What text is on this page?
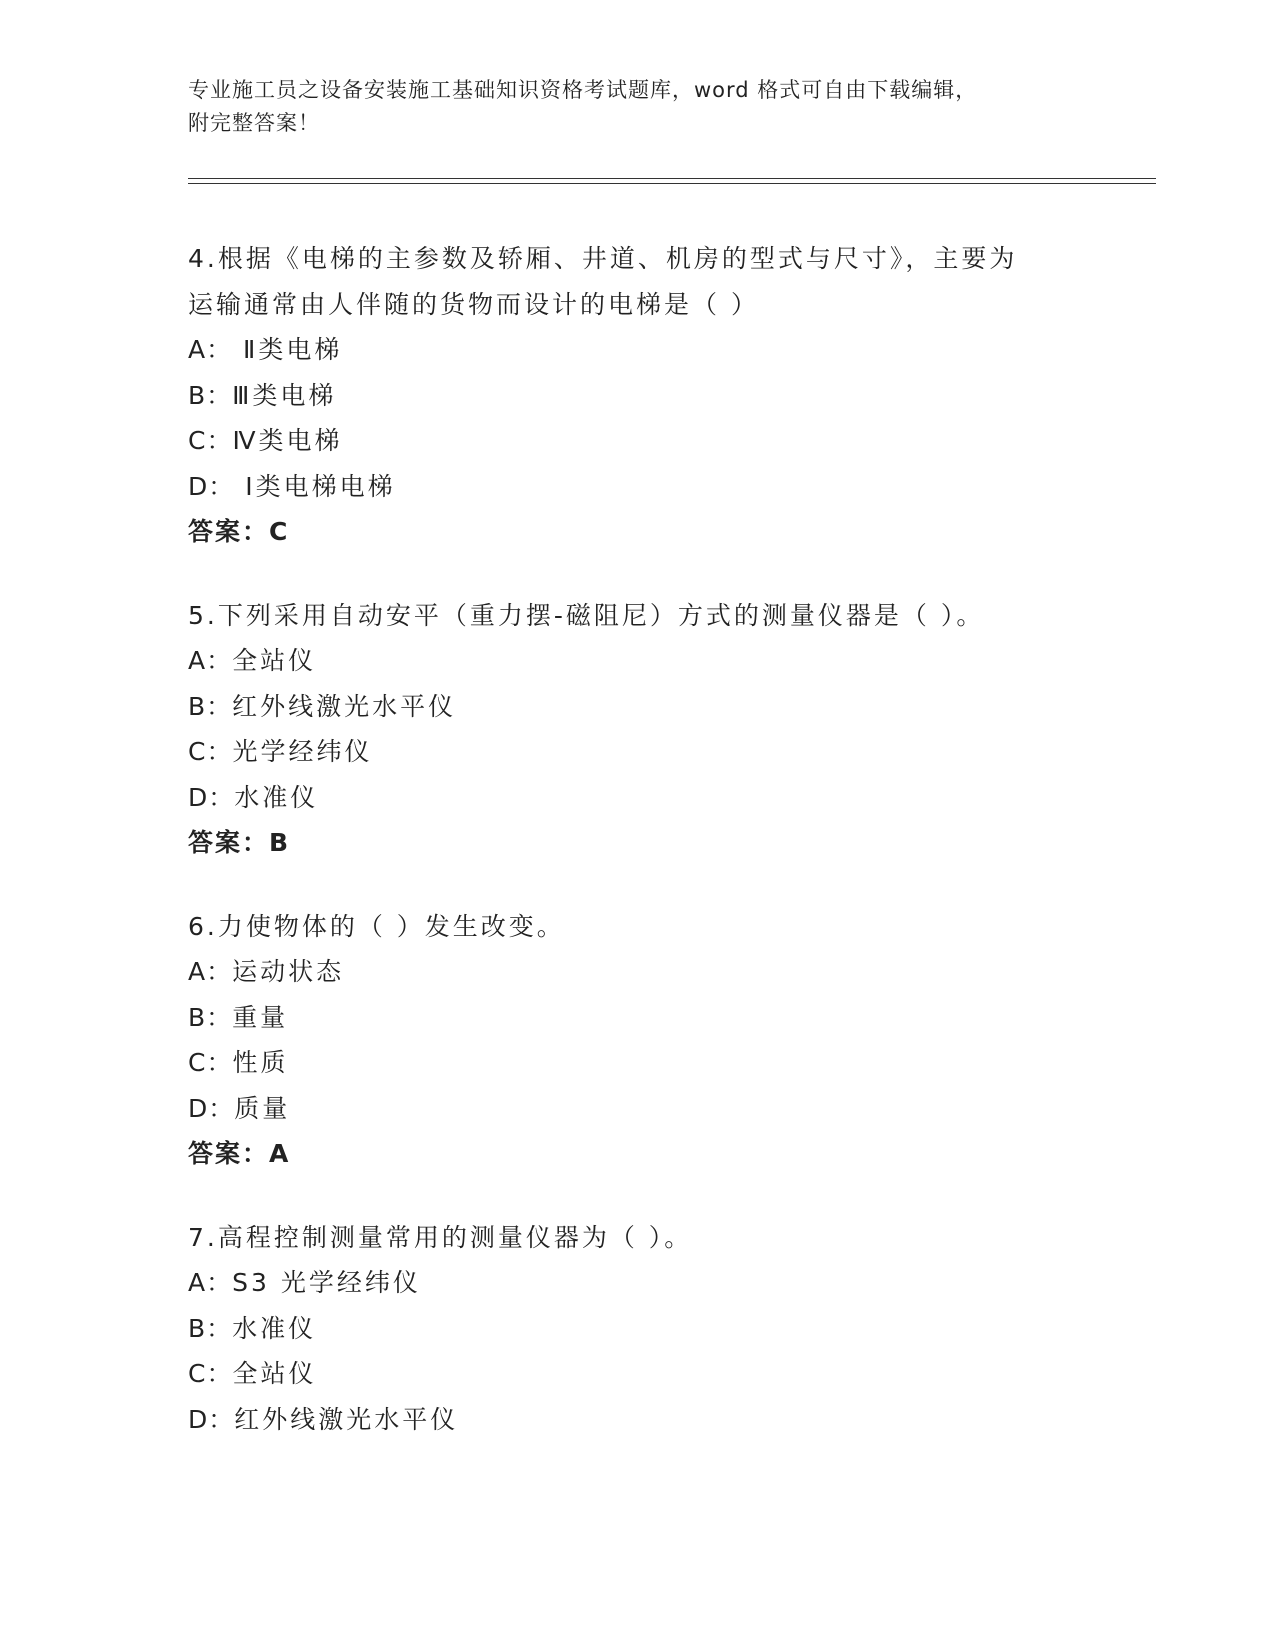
专业施工员之设备安装施工基础知识资格考试题库，word 格式可自由下载编辑，
附完整答案！
4.根据《电梯的主参数及轿厢、井道、机房的型式与尺寸》，主要为
运输通常由人伴随的货物而设计的电梯是（ ）
A： Ⅱ类电梯
B：Ⅲ类电梯
C：Ⅳ类电梯
D： Ⅰ类电梯电梯
答案：C
5.下列采用自动安平（重力摆-磁阻尼）方式的测量仪器是（ ）。
A：全站仪
B：红外线激光水平仪
C：光学经纬仪
D：水准仪
答案：B
6.力使物体的（ ）发生改变。
A：运动状态
B：重量
C：性质
D：质量
答案：A
7.高程控制测量常用的测量仪器为（ ）。
A：S3 光学经纬仪
B：水准仪
C：全站仪
D：红外线激光水平仪
